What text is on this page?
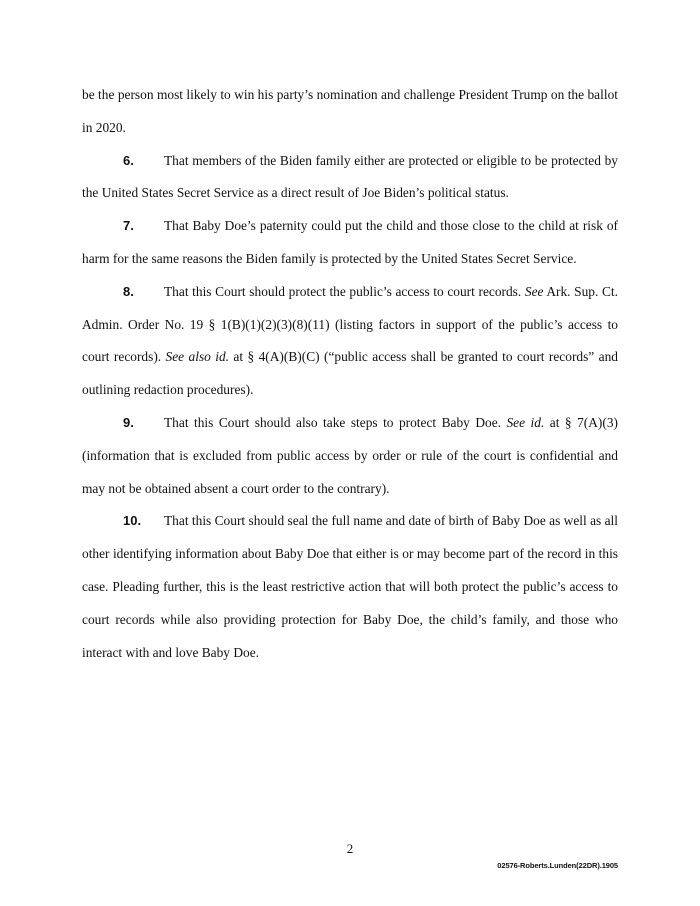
be the person most likely to win his party’s nomination and challenge President Trump on the ballot in 2020.

6. That members of the Biden family either are protected or eligible to be protected by the United States Secret Service as a direct result of Joe Biden’s political status.

7. That Baby Doe’s paternity could put the child and those close to the child at risk of harm for the same reasons the Biden family is protected by the United States Secret Service.

8. That this Court should protect the public’s access to court records. See Ark. Sup. Ct. Admin. Order No. 19 § 1(B)(1)(2)(3)(8)(11) (listing factors in support of the public’s access to court records). See also id. at § 4(A)(B)(C) (“public access shall be granted to court records” and outlining redaction procedures).

9. That this Court should also take steps to protect Baby Doe. See id. at § 7(A)(3) (information that is excluded from public access by order or rule of the court is confidential and may not be obtained absent a court order to the contrary).

10. That this Court should seal the full name and date of birth of Baby Doe as well as all other identifying information about Baby Doe that either is or may become part of the record in this case. Pleading further, this is the least restrictive action that will both protect the public’s access to court records while also providing protection for Baby Doe, the child’s family, and those who interact with and love Baby Doe.

2
02576-Roberts.Lunden(22DR).1905
